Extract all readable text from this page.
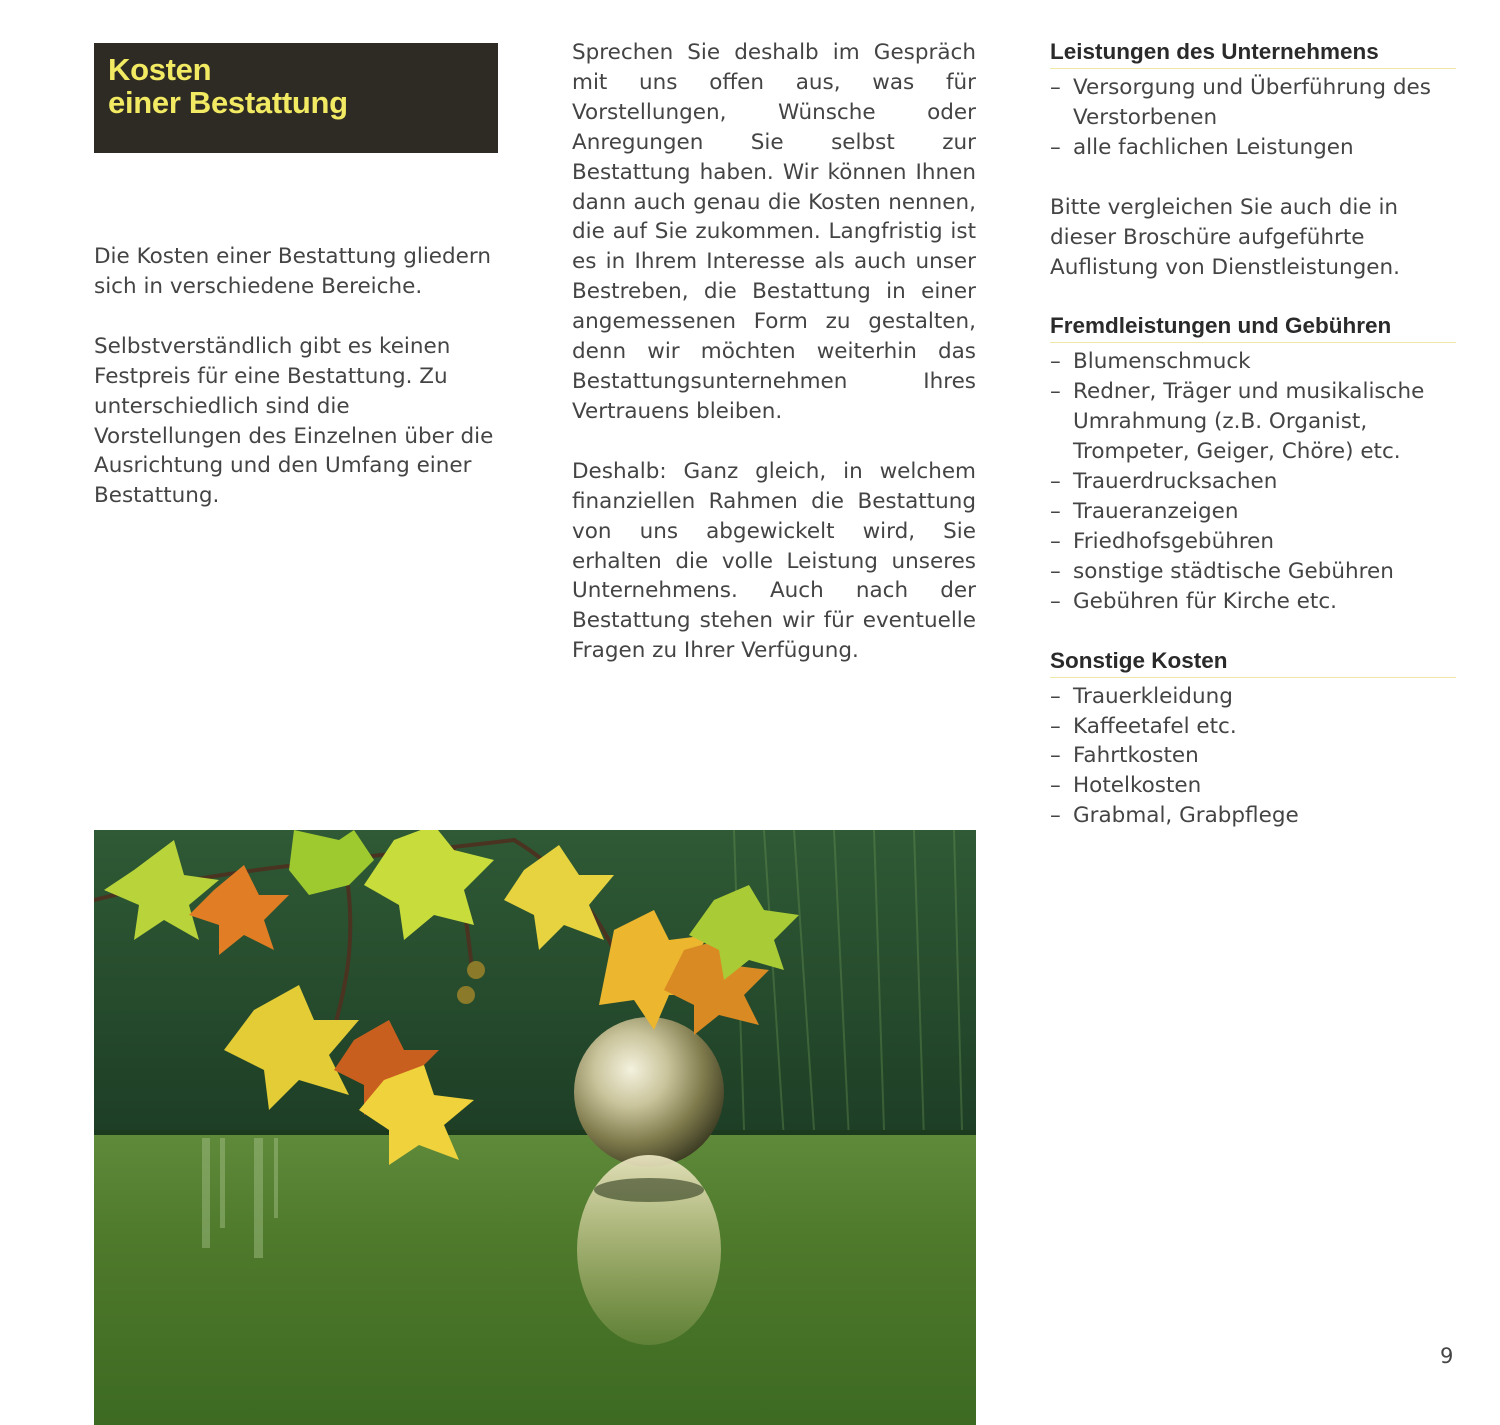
Kosten
einer Bestattung

Die Kosten einer Bestattung gliedern sich in verschiedene Bereiche.

Selbstverständlich gibt es keinen Festpreis für eine Bestattung. Zu unterschiedlich sind die Vorstellungen des Einzelnen über die Ausrichtung und den Umfang einer Bestattung.

Sprechen Sie deshalb im Gespräch mit uns offen aus, was für Vorstellungen, Wünsche oder Anregungen Sie selbst zur Bestattung haben. Wir können Ihnen dann auch genau die Kosten nennen, die auf Sie zukommen. Langfristig ist es in Ihrem Interesse als auch unser Bestreben, die Bestattung in einer angemessenen Form zu gestalten, denn wir möchten weiterhin das Bestattungsunternehmen Ihres Vertrauens bleiben.

Deshalb: Ganz gleich, in welchem finanziellen Rahmen die Bestattung von uns abgewickelt wird, Sie erhalten die volle Leistung unseres Unternehmens. Auch nach der Bestattung stehen wir für eventuelle Fragen zu Ihrer Verfügung.

Leistungen des Unternehmens
– Versorgung und Überführung des Verstorbenen
– alle fachlichen Leistungen

Bitte vergleichen Sie auch die in dieser Broschüre aufgeführte Auflistung von Dienstleistungen.

Fremdleistungen und Gebühren
– Blumenschmuck
– Redner, Träger und musikalische Umrahmung (z.B. Organist, Trompeter, Geiger, Chöre) etc.
– Trauerdrucksachen
– Traueranzeigen
– Friedhofsgebühren
– sonstige städtische Gebühren
– Gebühren für Kirche etc.
Sonstige Kosten
– Trauerkleidung
– Kaffeetafel etc.
– Fahrtkosten
– Hotelkosten
– Grabmal, Grabpflege
9
